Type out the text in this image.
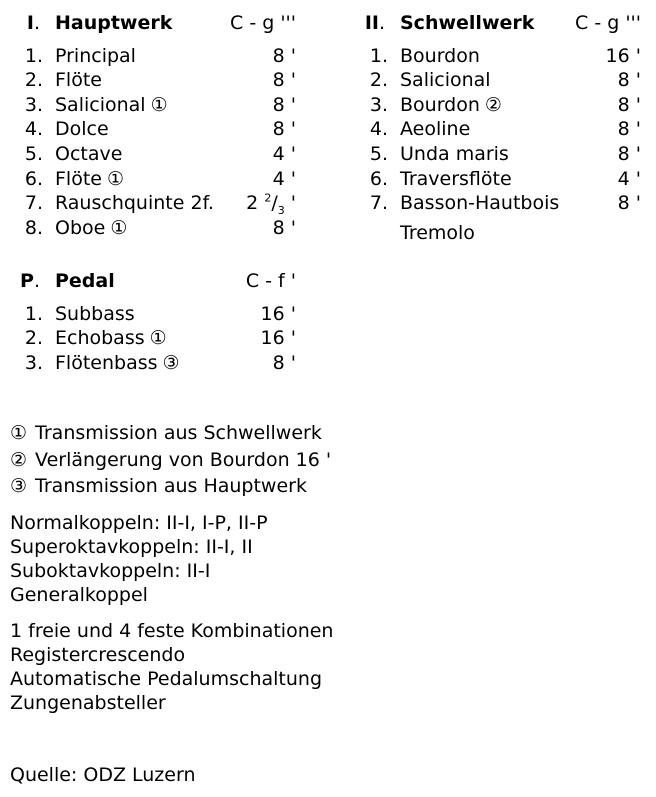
I. Hauptwerk	C - g '''
1. Principal	8 '
2. Flöte	8 '
3. Salicional ①	8 '
4. Dolce	8 '
5. Octave	4 '
6. Flöte ①	4 '
7. Rauschquinte 2f. 2 $^2/_3$ '
8. Oboe ①	8 '
II. Schwellwerk C - g '''
1. Bourdon	16 '
2. Salicional	8 '
3. Bourdon ②	8 '
4. Aeoline	8 '
5. Unda maris	8 '
6. Traversflöte	4 '
7. Basson-Hautbois	8 '
Tremolo
P. Pedal	C - f '
1. Subbass	16 '
2. Echobass ①	16 '
3. Flötenbass ③	8 '
① Transmission aus Schwellwerk
② Verlängerung von Bourdon 16 '
③ Transmission aus Hauptwerk
Normalkoppeln: II-I, I-P, II-P
Superoktavkoppeln: II-I, II
Suboktavkoppeln: II-I
Generalkoppel
1 freie und 4 feste Kombinationen
Registercrescendo
Automatische Pedalumschaltung
Zungenabsteller
Quelle: ODZ Luzern
